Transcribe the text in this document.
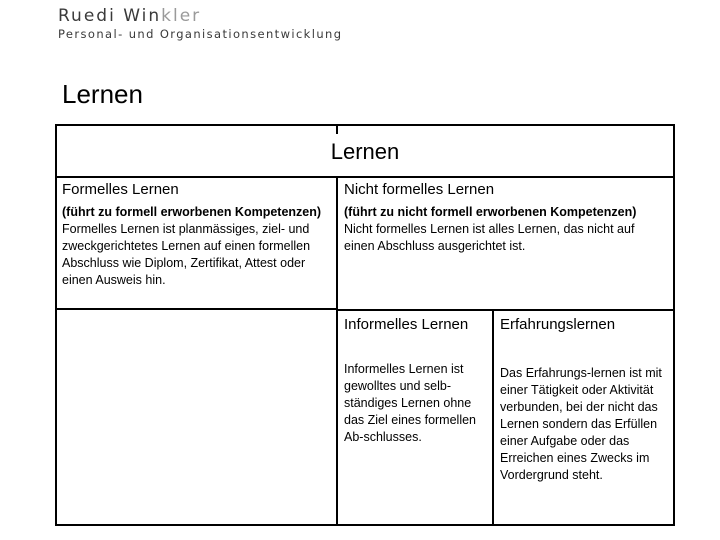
Ruedi Winkler
Personal- und Organisationsentwicklung
Lernen
Lernen
Formelles Lernen
(führt zu formell erworbenen Kompetenzen)
Formelles Lernen ist planmässiges, ziel- und zweckgerichtetes Lernen auf einen formellen Abschluss wie Diplom, Zertifikat, Attest oder einen Ausweis hin.
Nicht formelles Lernen
(führt zu nicht formell erworbenen Kompetenzen)
Nicht formelles Lernen ist alles Lernen, das nicht auf einen Abschluss ausgerichtet ist.
Informelles Lernen
Informelles Lernen ist gewolltes und selb-ständiges Lernen ohne das Ziel eines formellen Ab-schlusses.
Erfahrungslernen
Das Erfahrungs-lernen ist mit einer Tätigkeit oder Aktivität verbunden, bei der nicht das Lernen sondern das Erfüllen einer Aufgabe oder das Erreichen eines Zwecks im Vordergrund steht.
